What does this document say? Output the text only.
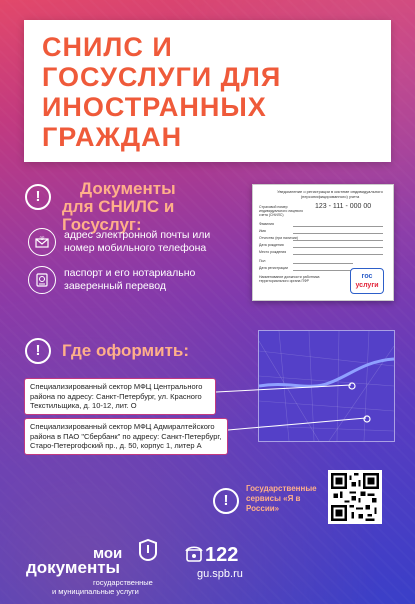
СНИЛС И
ГОСУСЛУГИ ДЛЯ
ИНОСТРАННЫХ
ГРАЖДАН
!	Документы
для СНИЛС и Госуслуг:
@ адрес электронной почты или номер мобильного телефона
паспорт и его нотариально заверенный перевод
Уведомление о регистрации в системе индивидуального (персонифицированного) учета
123 - 111 - 000 00
Страховой номер индивидуального лицевого счета (СНИЛС)
Фамилия
Имя
Отчество (при наличии)
Дата рождения
Место рождения
Пол
Дата регистрации
Наименование должности работника территориального органа ПФР
гос
услуги
!	Где оформить:
Специализированный сектор МФЦ Центрального района по адресу: Санкт-Петербург, ул. Красного Текстильщика, д. 10-12, лит. О
Специализированный сектор МФЦ Адмиралтейского района в ПАО "Сбербанк" по адресу: Санкт-Петербург, Старо-Петергофский пр., д. 50, корпус 1, литер А
!
Государственные сервисы «Я в России»
мои
документы
государственные
и муниципальные услуги
122
gu.spb.ru
